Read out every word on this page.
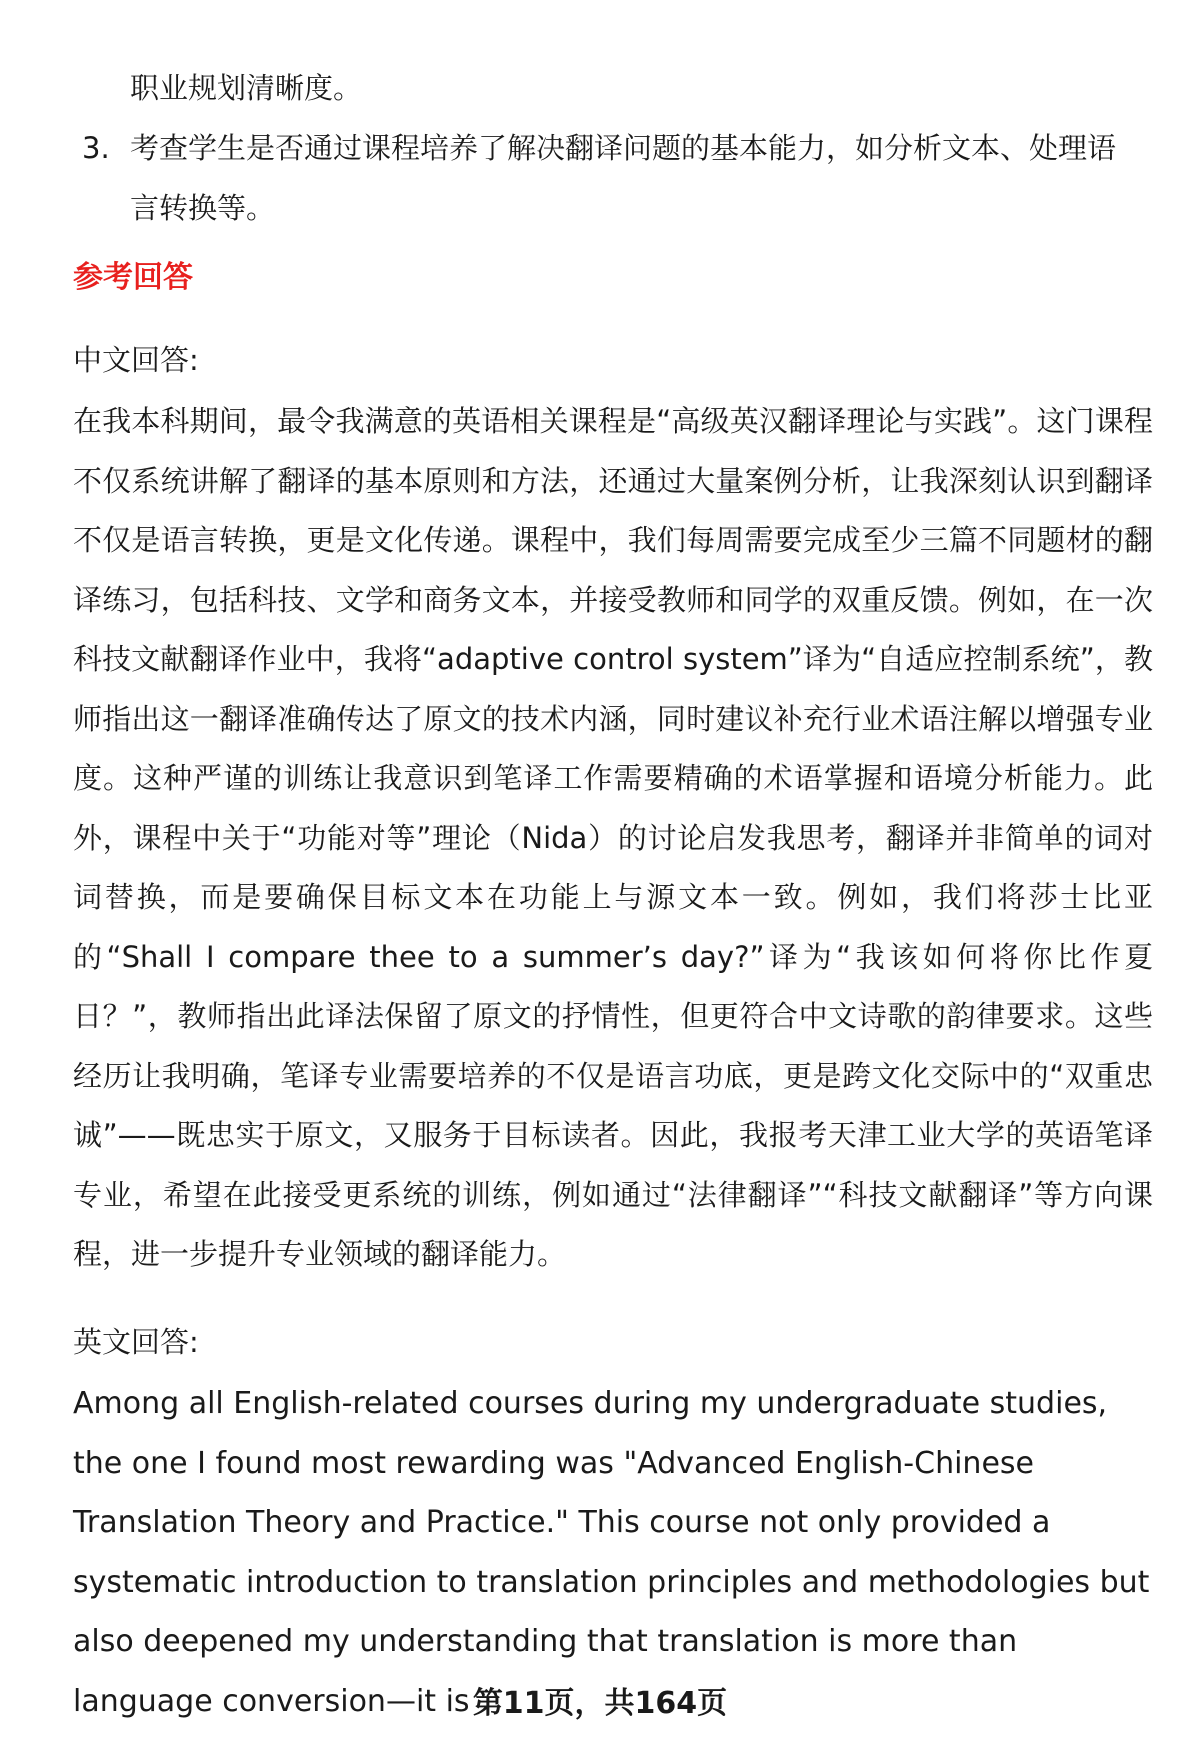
职业规划清晰度。

3. 考查学生是否通过课程培养了解决翻译问题的基本能力，如分析文本、处理语言转换等。
参考回答

中文回答:

在我本科期间，最令我满意的英语相关课程是“高级英汉翻译理论与实践”。这门课程不仅系统讲解了翻译的基本原则和方法，还通过大量案例分析，让我深刻认识到翻译不仅是语言转换，更是文化传递。课程中，我们每周需要完成至少三篇不同题材的翻译练习，包括科技、文学和商务文本，并接受教师和同学的双重反馈。例如，在一次科技文献翻译作业中，我将“adaptive control system”译为“自适应控制系统”，教师指出这一翻译准确传达了原文的技术内涵，同时建议补充行业术语注解以增强专业度。这种严谨的训练让我意识到笔译工作需要精确的术语掌握和语境分析能力。此外，课程中关于“功能对等”理论（Nida）的讨论启发我思考，翻译并非简单的词对词替换，而是要确保目标文本在功能上与源文本一致。例如，我们将莎士比亚的“Shall I compare thee to a summer’s day?”译为“我该如何将你比作夏日？”，教师指出此译法保留了原文的抒情性，但更符合中文诗歌的韵律要求。这些经历让我明确，笔译专业需要培养的不仅是语言功底，更是跨文化交际中的“双重忠诚”——既忠实于原文，又服务于目标读者。因此，我报考天津工业大学的英语笔译专业，希望在此接受更系统的训练，例如通过“法律翻译”“科技文献翻译”等方向课程，进一步提升专业领域的翻译能力。

英文回答:

Among all English-related courses during my undergraduate studies, the one I found most rewarding was "Advanced English-Chinese Translation Theory and Practice." This course not only provided a systematic introduction to translation principles and methodologies but also deepened my understanding that translation is more than language conversion—it is 第11页，共164页
